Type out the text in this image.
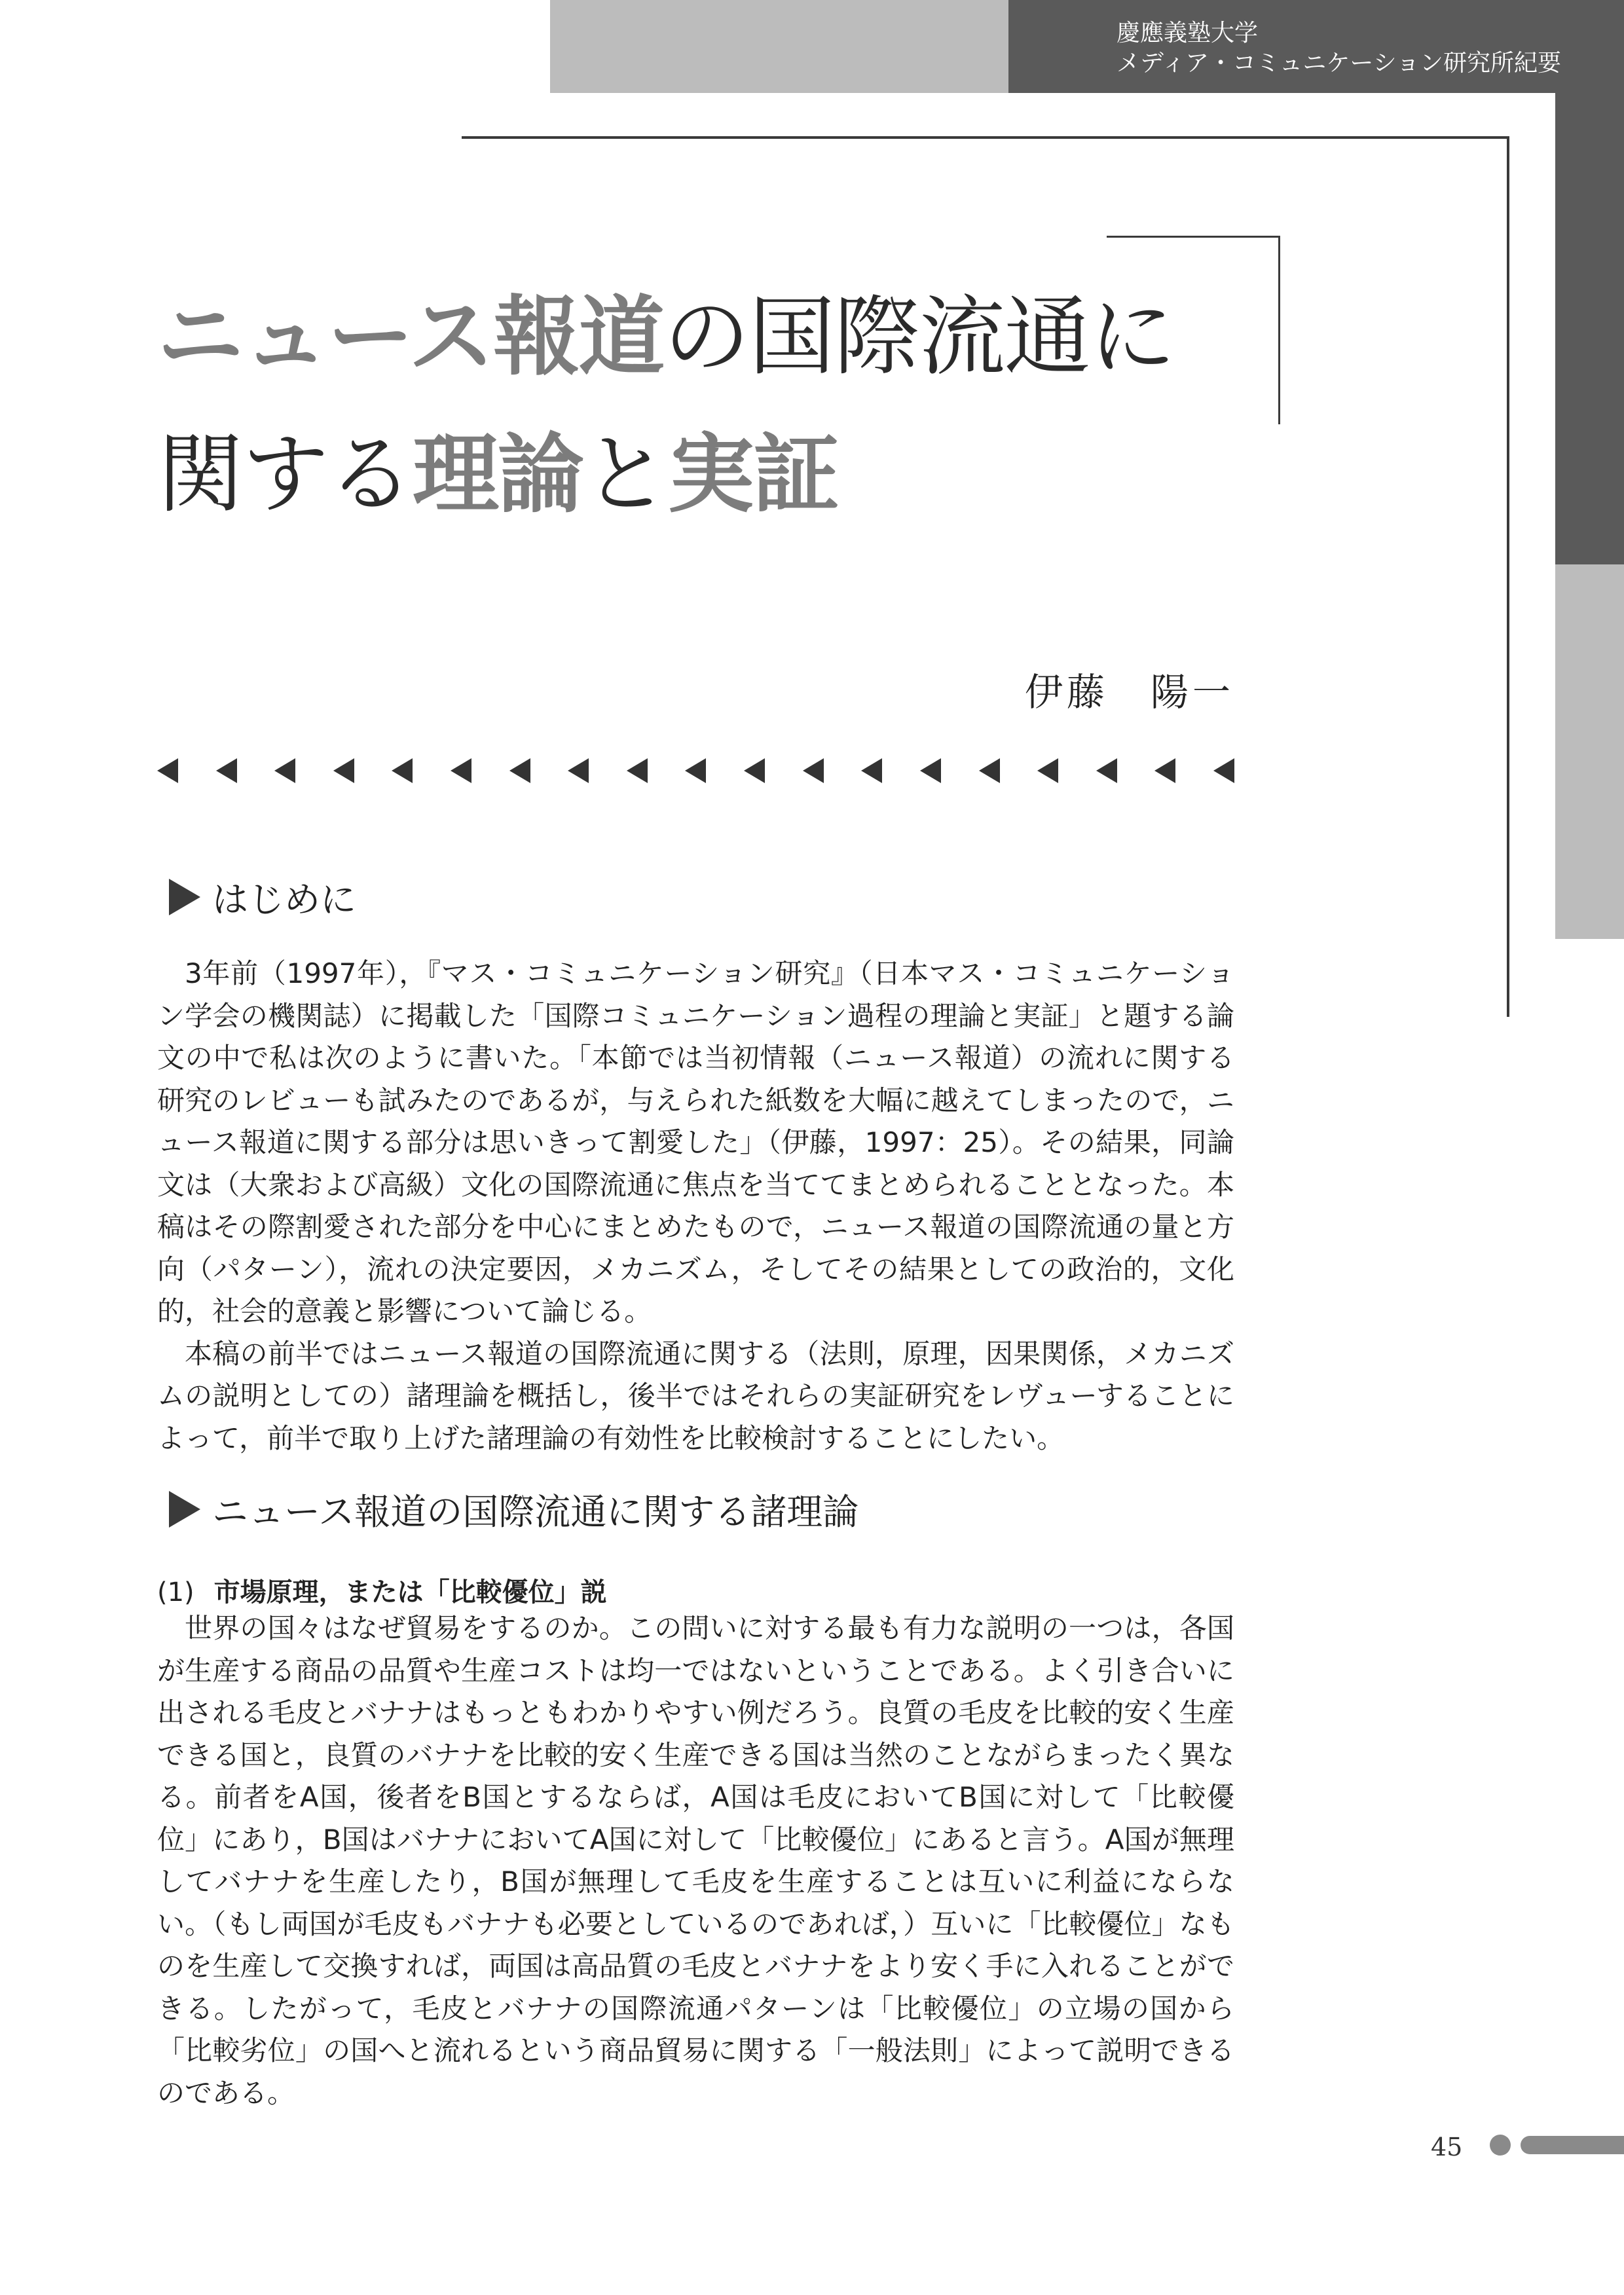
慶應義塾大学
メディア・コミュニケーション研究所紀要
ニュース報道の国際流通に
関する理論と実証
伊藤　陽一
はじめに

3年前（1997年），『マス・コミュニケーション研究』（日本マス・コミュニケーション学会の機関誌）に掲載した「国際コミュニケーション過程の理論と実証」と題する論文の中で私は次のように書いた。「本節では当初情報（ニュース報道）の流れに関する研究のレビューも試みたのであるが，与えられた紙数を大幅に越えてしまったので，ニュース報道に関する部分は思いきって割愛した」（伊藤，1997：25）。その結果，同論文は（大衆および高級）文化の国際流通に焦点を当ててまとめられることとなった。本稿はその際割愛された部分を中心にまとめたもので，ニュース報道の国際流通の量と方向（パターン），流れの決定要因，メカニズム，そしてその結果としての政治的，文化的，社会的意義と影響について論じる。

本稿の前半ではニュース報道の国際流通に関する（法則，原理，因果関係，メカニズムの説明としての）諸理論を概括し，後半ではそれらの実証研究をレヴューすることによって，前半で取り上げた諸理論の有効性を比較検討することにしたい。

ニュース報道の国際流通に関する諸理論
(1) 市場原理，または「比較優位」説

世界の国々はなぜ貿易をするのか。この問いに対する最も有力な説明の一つは，各国が生産する商品の品質や生産コストは均一ではないということである。よく引き合いに出される毛皮とバナナはもっともわかりやすい例だろう。良質の毛皮を比較的安く生産できる国と，良質のバナナを比較的安く生産できる国は当然のことながらまったく異なる。前者をA国，後者をB国とするならば，A国は毛皮においてB国に対して「比較優位」にあり，B国はバナナにおいてA国に対して「比較優位」にあると言う。A国が無理してバナナを生産したり，B国が無理して毛皮を生産することは互いに利益にならない。（もし両国が毛皮もバナナも必要としているのであれば，）互いに「比較優位」なものを生産して交換すれば，両国は高品質の毛皮とバナナをより安く手に入れることができる。したがって，毛皮とバナナの国際流通パターンは「比較優位」の立場の国から「比較劣位」の国へと流れるという商品貿易に関する「一般法則」によって説明できるのである。

45
